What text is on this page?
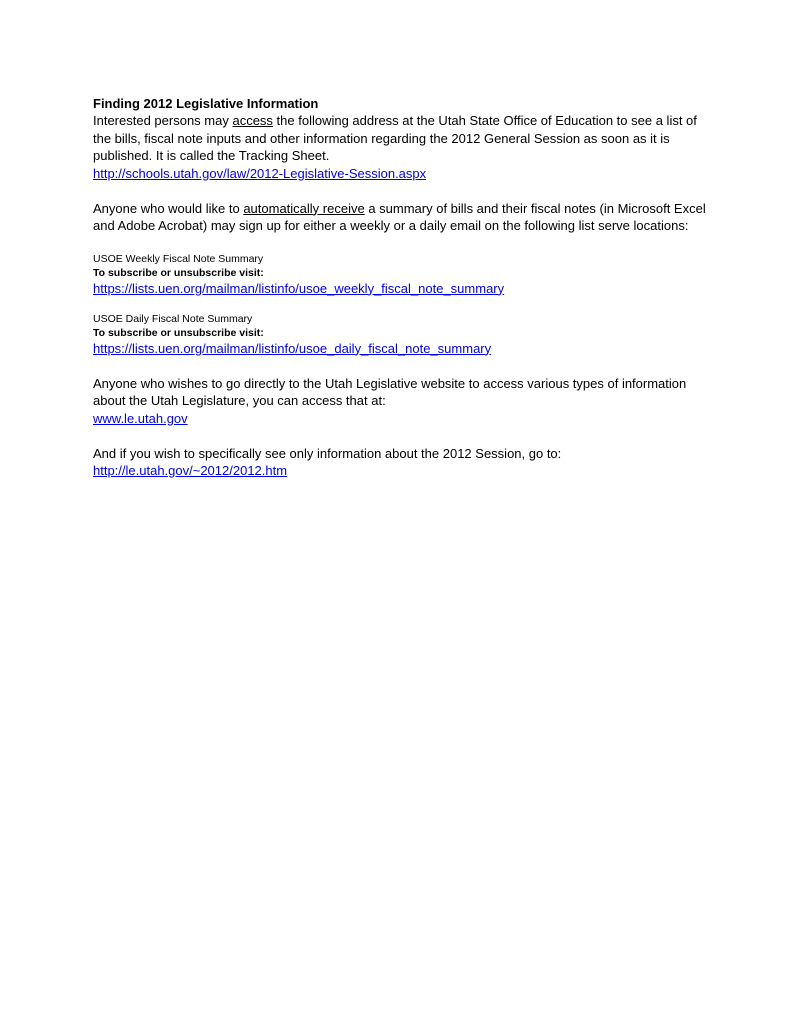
Finding 2012 Legislative Information

Interested persons may access the following address at the Utah State Office of Education to see a list of the bills, fiscal note inputs and other information regarding the 2012 General Session as soon as it is published. It is called the Tracking Sheet.

http://schools.utah.gov/law/2012-Legislative-Session.aspx

Anyone who would like to automatically receive a summary of bills and their fiscal notes (in Microsoft Excel and Adobe Acrobat) may sign up for either a weekly or a daily email on the following list serve locations:

USOE Weekly Fiscal Note Summary

To subscribe or unsubscribe visit:

https://lists.uen.org/mailman/listinfo/usoe_weekly_fiscal_note_summary

USOE Daily Fiscal Note Summary

To subscribe or unsubscribe visit:

https://lists.uen.org/mailman/listinfo/usoe_daily_fiscal_note_summary

Anyone who wishes to go directly to the Utah Legislative website to access various types of information about the Utah Legislature, you can access that at:

www.le.utah.gov

And if you wish to specifically see only information about the 2012 Session, go to:

http://le.utah.gov/~2012/2012.htm
